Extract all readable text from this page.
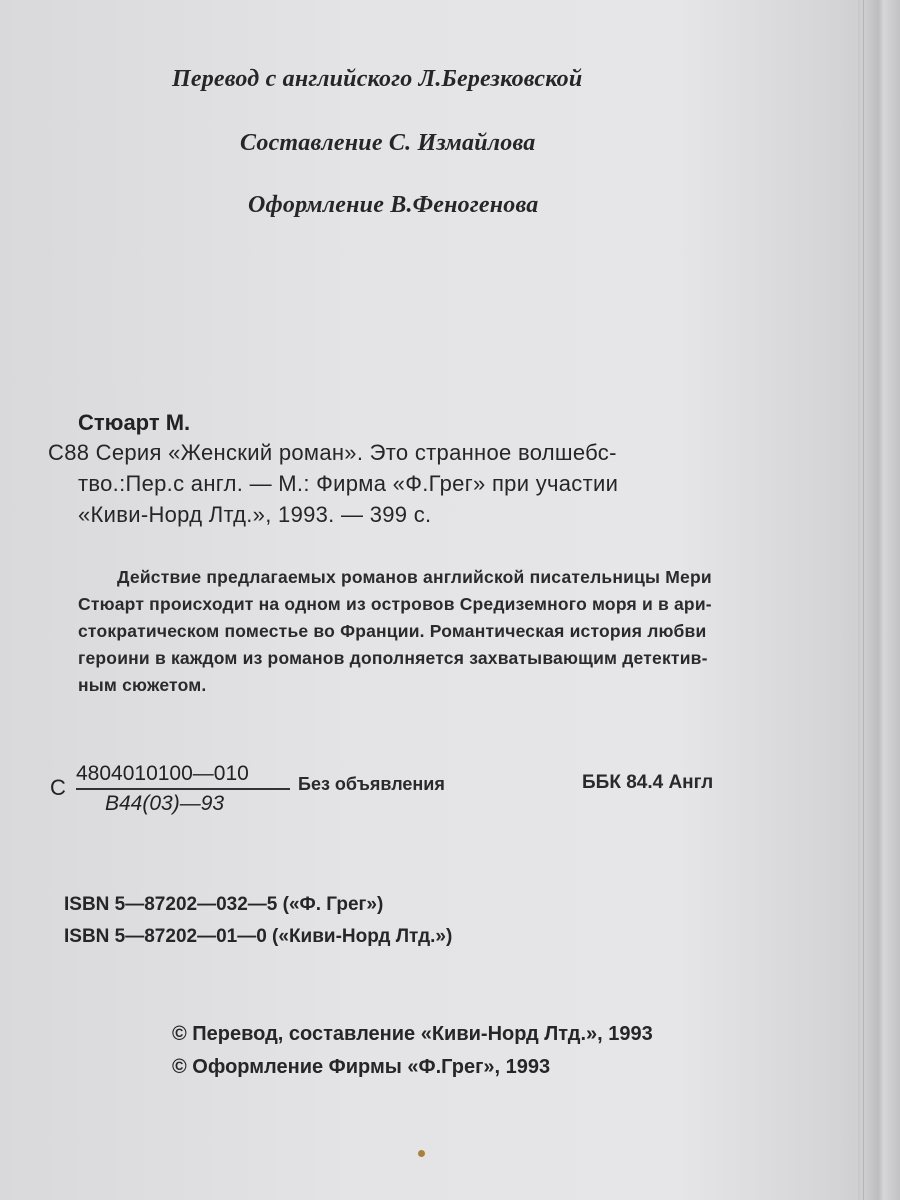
Перевод с английского Л.Березковской
Составление С. Измайлова
Оформление В.Феногенова
Стюарт М.
С88 Серия «Женский роман». Это странное волшебс-
тво.:Пер.с англ. — М.: Фирма «Ф.Грег» при участии
«Киви-Норд Лтд.», 1993. — 399 с.
Действие предлагаемых романов английской писательницы Мери
Стюарт происходит на одном из островов Средиземного моря и в ари-
стократическом поместье во Франции. Романтическая история любви
героини в каждом из романов дополняется захватывающим детектив-
ным сюжетом.
С
4804010100—010
В44(03)—93
Без объявления	ББК 84.4 Англ
ISBN 5—87202—032—5 («Ф. Грег»)
ISBN 5—87202—01—0 («Киви-Норд Лтд.»)
© Перевод, составление «Киви-Норд Лтд.», 1993
© Оформление Фирмы «Ф.Грег», 1993
